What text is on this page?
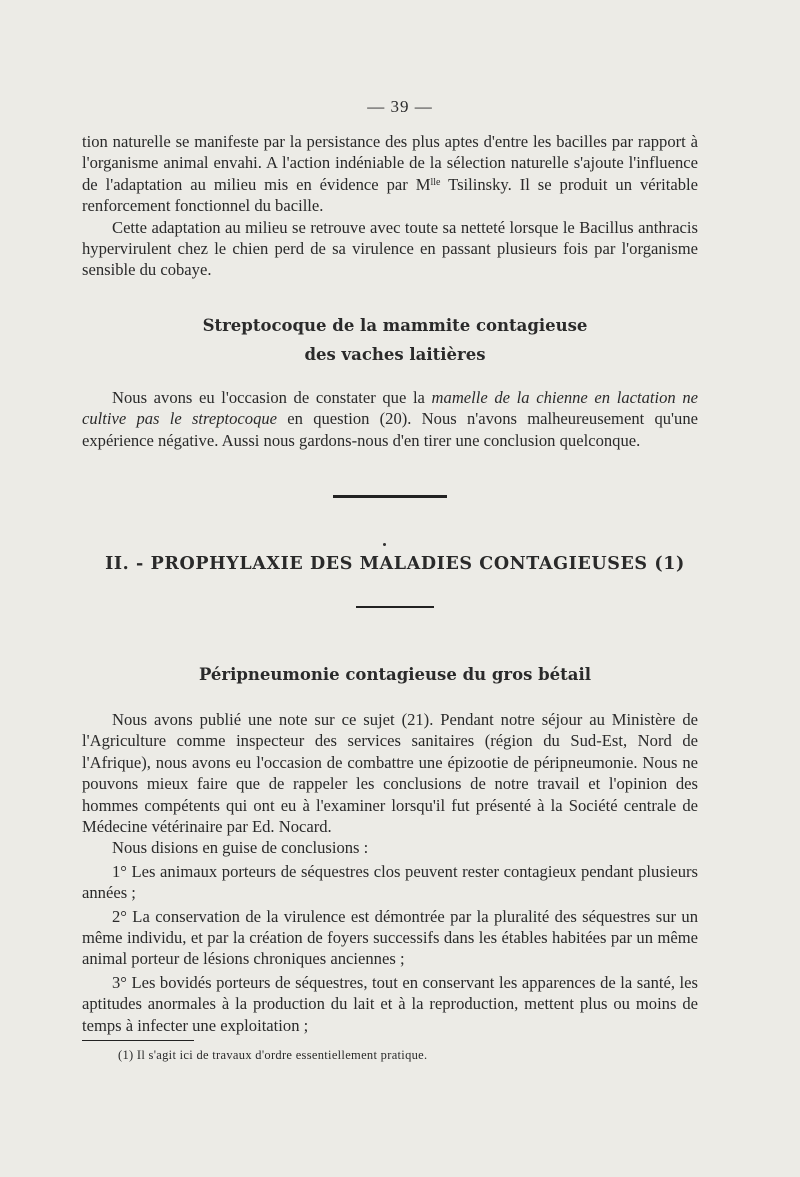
— 39 —

tion naturelle se manifeste par la persistance des plus aptes d'entre les bacilles par rapport à l'organisme animal envahi. A l'action indéniable de la sélection naturelle s'ajoute l'influence de l'adaptation au milieu mis en évidence par $M^{lle}$ Tsilinsky. Il se produit un véritable renforcement fonctionnel du bacille.

Cette adaptation au milieu se retrouve avec toute sa netteté lorsque le Bacillus anthracis hypervirulent chez le chien perd de sa virulence en passant plusieurs fois par l'organisme sensible du cobaye.

Streptocoque de la mammite contagieuse
des vaches laitières

Nous avons eu l'occasion de constater que la mamelle de la chienne en lactation ne cultive pas le streptocoque en question (20). Nous n'avons malheureusement qu'une expérience négative. Aussi nous gardons-nous d'en tirer une conclusion quelconque.

II. - PROPHYLAXIE DES MALADIES CONTAGIEUSES (1)
Péripneumonie contagieuse du gros bétail

Nous avons publié une note sur ce sujet (21). Pendant notre séjour au Ministère de l'Agriculture comme inspecteur des services sanitaires (région du Sud-Est, Nord de l'Afrique), nous avons eu l'occasion de combattre une épizootie de péripneumonie. Nous ne pouvons mieux faire que de rappeler les conclusions de notre travail et l'opinion des hommes compétents qui ont eu à l'examiner lorsqu'il fut présenté à la Société centrale de Médecine vétérinaire par Ed. Nocard.

Nous disions en guise de conclusions :

1° Les animaux porteurs de séquestres clos peuvent rester contagieux pendant plusieurs années ;

2° La conservation de la virulence est démontrée par la pluralité des séquestres sur un même individu, et par la création de foyers successifs dans les étables habitées par un même animal porteur de lésions chroniques anciennes ;

3° Les bovidés porteurs de séquestres, tout en conservant les apparences de la santé, les aptitudes anormales à la production du lait et à la reproduction, mettent plus ou moins de temps à infecter une exploitation ;

(1) Il s'agit ici de travaux d'ordre essentiellement pratique.
